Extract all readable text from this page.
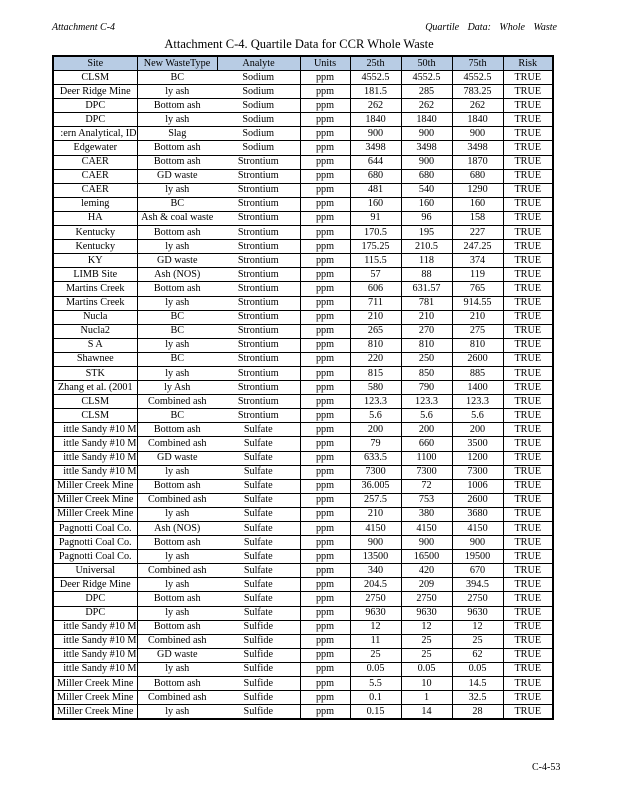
Attachment C-4	Quartile Data: Whole Waste
Attachment C-4. Quartile Data for CCR Whole Waste
Site	New WasteType	Analyte	Units	25th	50th	75th	Risk
CLSM	BC	Sodium	ppm	4552.5	4552.5	4552.5	TRUE
Deer Ridge Mine	ly ash	Sodium	ppm	181.5	285	783.25	TRUE
DPC	Bottom ash	Sodium	ppm	262	262	262	TRUE
DPC	ly ash	Sodium	ppm	1840	1840	1840	TRUE
ern Analytical, ID:	Slag	Sodium	ppm	900	900	900	TRUE
Edgewater	Bottom ash	Sodium	ppm	3498	3498	3498	TRUE
CAER	Bottom ash	Strontium	ppm	644	900	1870	TRUE
CAER	GD waste	Strontium	ppm	680	680	680	TRUE
CAER	ly ash	Strontium	ppm	481	540	1290	TRUE
leming	BC	Strontium	ppm	160	160	160	TRUE
HA	Ash & coal waste	Strontium	ppm	91	96	158	TRUE
Kentucky	Bottom ash	Strontium	ppm	170.5	195	227	TRUE
Kentucky	ly ash	Strontium	ppm	175.25	210.5	247.25	TRUE
KY	GD waste	Strontium	ppm	115.5	118	374	TRUE
LIMB Site	Ash (NOS)	Strontium	ppm	57	88	119	TRUE
Martins Creek	Bottom ash	Strontium	ppm	606	631.57	765	TRUE
Martins Creek	ly ash	Strontium	ppm	711	781	914.55	TRUE
Nucla	BC	Strontium	ppm	210	210	210	TRUE
Nucla2	BC	Strontium	ppm	265	270	275	TRUE
S A	ly ash	Strontium	ppm	810	810	810	TRUE
Shawnee	BC	Strontium	ppm	220	250	2600	TRUE
STK	ly ash	Strontium	ppm	815	850	885	TRUE
Zhang et al. (2001	ly Ash	Strontium	ppm	580	790	1400	TRUE
CLSM	Combined ash	Strontium	ppm	123.3	123.3	123.3	TRUE
CLSM	BC	Strontium	ppm	5.6	5.6	5.6	TRUE
ittle Sandy #10 M	Bottom ash	Sulfate	ppm	200	200	200	TRUE
ittle Sandy #10 M	Combined ash	Sulfate	ppm	79	660	3500	TRUE
ittle Sandy #10 M	GD waste	Sulfate	ppm	633.5	1100	1200	TRUE
ittle Sandy #10 M	ly ash	Sulfate	ppm	7300	7300	7300	TRUE
Miller Creek Mine	Bottom ash	Sulfate	ppm	36.005	72	1006	TRUE
Miller Creek Mine	Combined ash	Sulfate	ppm	257.5	753	2600	TRUE
Miller Creek Mine	ly ash	Sulfate	ppm	210	380	3680	TRUE
Pagnotti Coal Co.	Ash (NOS)	Sulfate	ppm	4150	4150	4150	TRUE
Pagnotti Coal Co.	Bottom ash	Sulfate	ppm	900	900	900	TRUE
Pagnotti Coal Co.	ly ash	Sulfate	ppm	13500	16500	19500	TRUE
Universal	Combined ash	Sulfate	ppm	340	420	670	TRUE
Deer Ridge Mine	ly ash	Sulfate	ppm	204.5	209	394.5	TRUE
DPC	Bottom ash	Sulfate	ppm	2750	2750	2750	TRUE
DPC	ly ash	Sulfate	ppm	9630	9630	9630	TRUE
ittle Sandy #10 M	Bottom ash	Sulfide	ppm	12	12	12	TRUE
ittle Sandy #10 M	Combined ash	Sulfide	ppm	11	25	25	TRUE
ittle Sandy #10 M	GD waste	Sulfide	ppm	25	25	62	TRUE
ittle Sandy #10 M	ly ash	Sulfide	ppm	0.05	0.05	0.05	TRUE
Miller Creek Mine	Bottom ash	Sulfide	ppm	5.5	10	14.5	TRUE
Miller Creek Mine	Combined ash	Sulfide	ppm	0.1	1	32.5	TRUE
Miller Creek Mine	ly ash	Sulfide	ppm	0.15	14	28	TRUE
C-4-53
